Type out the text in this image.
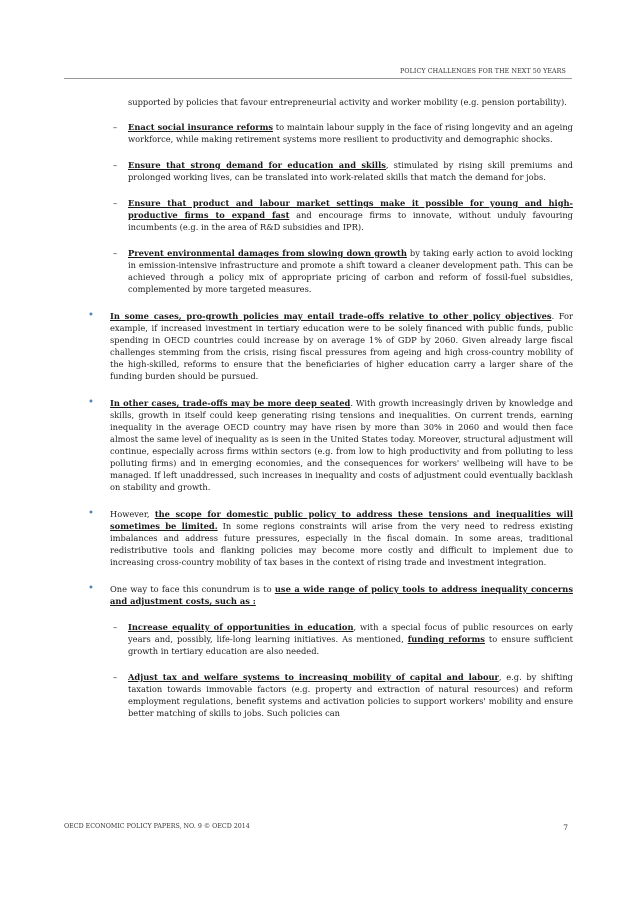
POLICY CHALLENGES FOR THE NEXT 50 YEARS

supported by policies that favour entrepreneurial activity and worker mobility (e.g. pension portability).

– Enact social insurance reforms to maintain labour supply in the face of rising longevity and an ageing workforce, while making retirement systems more resilient to productivity and demographic shocks.

– Ensure that strong demand for education and skills, stimulated by rising skill premiums and prolonged working lives, can be translated into work-related skills that match the demand for jobs.

– Ensure that product and labour market settings make it possible for young and high-productive firms to expand fast and encourage firms to innovate, without unduly favouring incumbents (e.g. in the area of R&D subsidies and IPR).

– Prevent environmental damages from slowing down growth by taking early action to avoid locking in emission-intensive infrastructure and promote a shift toward a cleaner development path. This can be achieved through a policy mix of appropriate pricing of carbon and reform of fossil-fuel subsidies, complemented by more targeted measures.

• In some cases, pro-growth policies may entail trade-offs relative to other policy objectives. For example, if increased investment in tertiary education were to be solely financed with public funds, public spending in OECD countries could increase by on average 1% of GDP by 2060. Given already large fiscal challenges stemming from the crisis, rising fiscal pressures from ageing and high cross-country mobility of the high-skilled, reforms to ensure that the beneficiaries of higher education carry a larger share of the funding burden should be pursued.

• In other cases, trade-offs may be more deep seated. With growth increasingly driven by knowledge and skills, growth in itself could keep generating rising tensions and inequalities. On current trends, earning inequality in the average OECD country may have risen by more than 30% in 2060 and would then face almost the same level of inequality as is seen in the United States today. Moreover, structural adjustment will continue, especially across firms within sectors (e.g. from low to high productivity and from polluting to less polluting firms) and in emerging economies, and the consequences for workers' wellbeing will have to be managed. If left unaddressed, such increases in inequality and costs of adjustment could eventually backlash on stability and growth.

• However, the scope for domestic public policy to address these tensions and inequalities will sometimes be limited. In some regions constraints will arise from the very need to redress existing imbalances and address future pressures, especially in the fiscal domain. In some areas, traditional redistributive tools and flanking policies may become more costly and difficult to implement due to increasing cross-country mobility of tax bases in the context of rising trade and investment integration.

• One way to face this conundrum is to use a wide range of policy tools to address inequality concerns and adjustment costs, such as :

– Increase equality of opportunities in education, with a special focus of public resources on early years and, possibly, life-long learning initiatives. As mentioned, funding reforms to ensure sufficient growth in tertiary education are also needed.

– Adjust tax and welfare systems to increasing mobility of capital and labour, e.g. by shifting taxation towards immovable factors (e.g. property and extraction of natural resources) and reform employment regulations, benefit systems and activation policies to support workers' mobility and ensure better matching of skills to jobs. Such policies can

OECD ECONOMIC POLICY PAPERS, NO. 9 © OECD 2014	7
